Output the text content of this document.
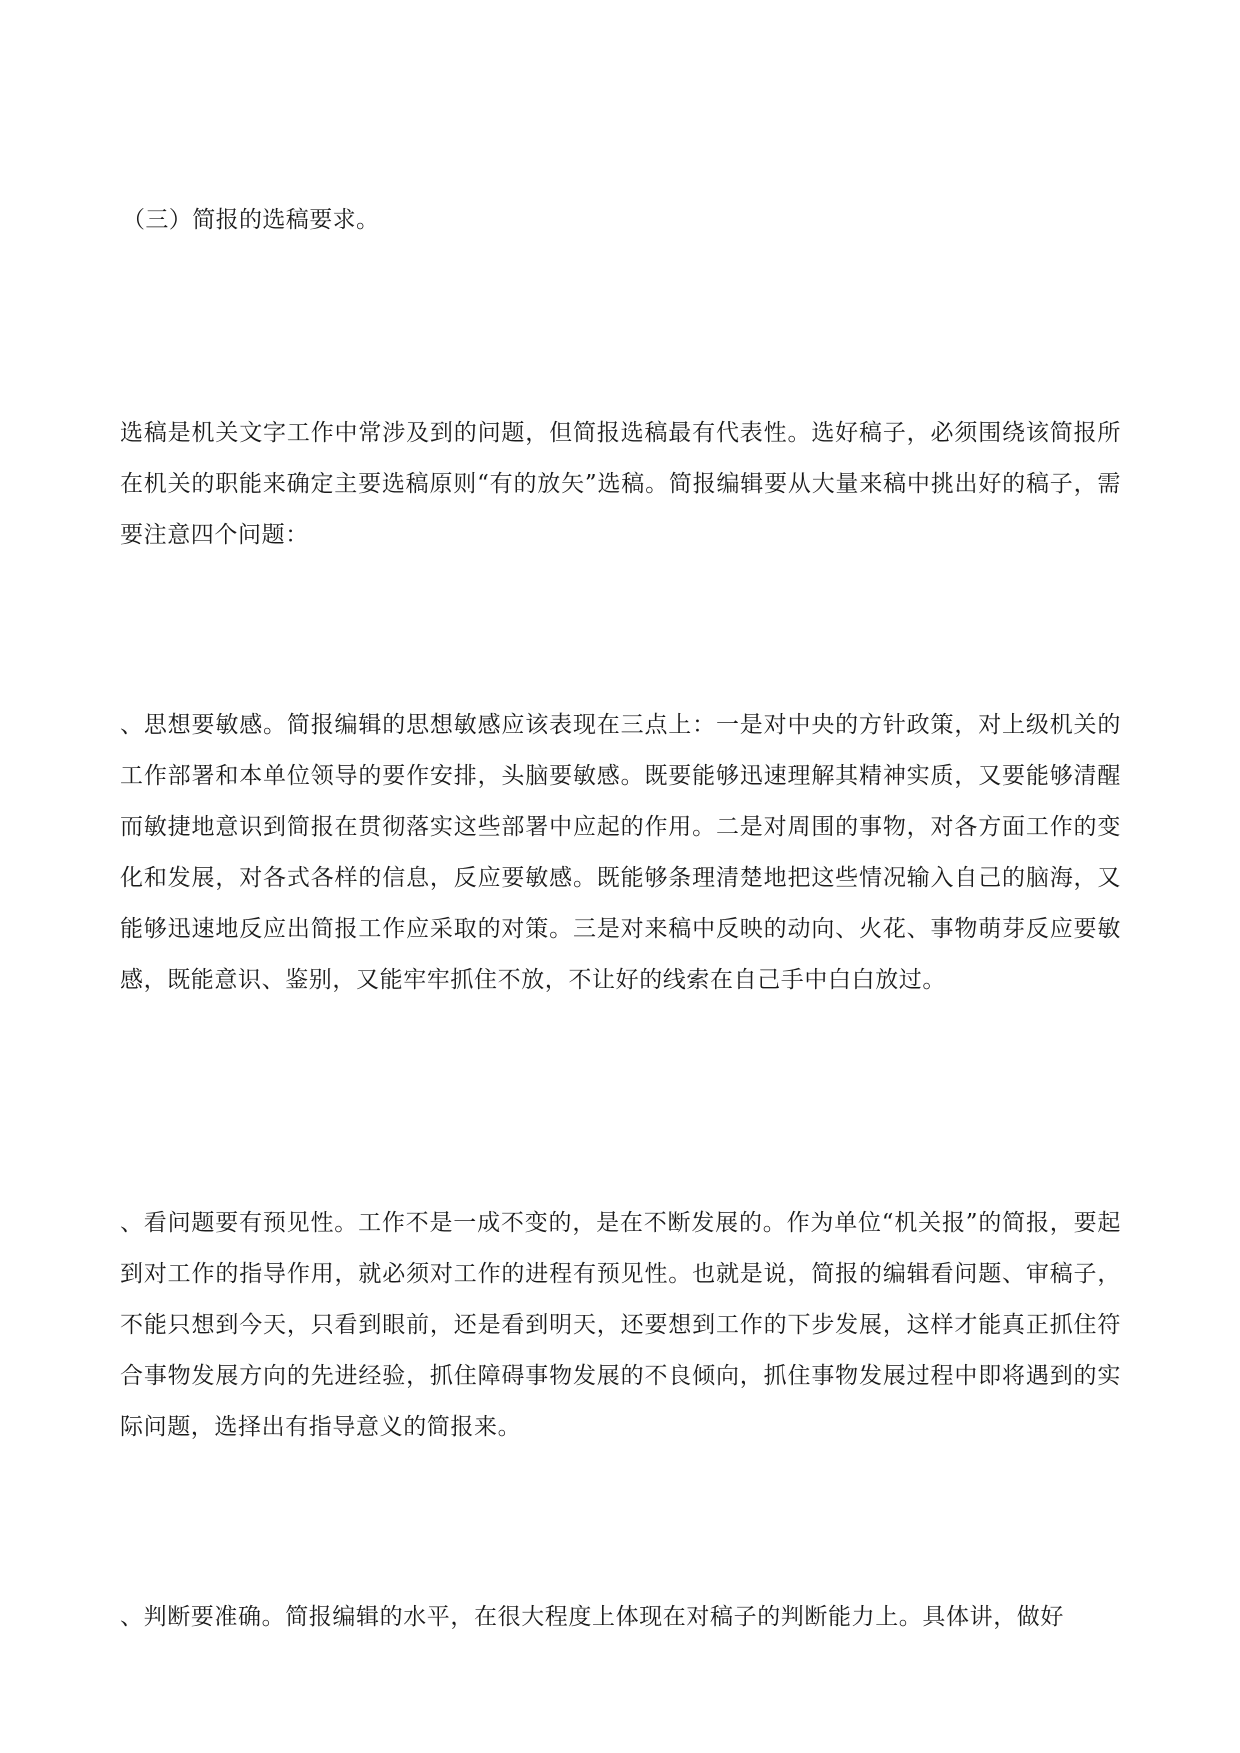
（三）简报的选稿要求。

选稿是机关文字工作中常涉及到的问题，但简报选稿最有代表性。选好稿子，必须围绕该简报所在机关的职能来确定主要选稿原则“有的放矢”选稿。简报编辑要从大量来稿中挑出好的稿子，需要注意四个问题：

、思想要敏感。简报编辑的思想敏感应该表现在三点上：一是对中央的方针政策，对上级机关的工作部署和本单位领导的要作安排，头脑要敏感。既要能够迅速理解其精神实质，又要能够清醒而敏捷地意识到简报在贯彻落实这些部署中应起的作用。二是对周围的事物，对各方面工作的变化和发展，对各式各样的信息，反应要敏感。既能够条理清楚地把这些情况输入自己的脑海，又能够迅速地反应出简报工作应采取的对策。三是对来稿中反映的动向、火花、事物萌芽反应要敏感，既能意识、鉴别，又能牢牢抓住不放，不让好的线索在自己手中白白放过。

、看问题要有预见性。工作不是一成不变的，是在不断发展的。作为单位“机关报”的简报，要起到对工作的指导作用，就必须对工作的进程有预见性。也就是说，简报的编辑看问题、审稿子，不能只想到今天，只看到眼前，还是看到明天，还要想到工作的下步发展，这样才能真正抓住符合事物发展方向的先进经验，抓住障碍事物发展的不良倾向，抓住事物发展过程中即将遇到的实际问题，选择出有指导意义的简报来。

、判断要准确。简报编辑的水平，在很大程度上体现在对稿子的判断能力上。具体讲，做好
